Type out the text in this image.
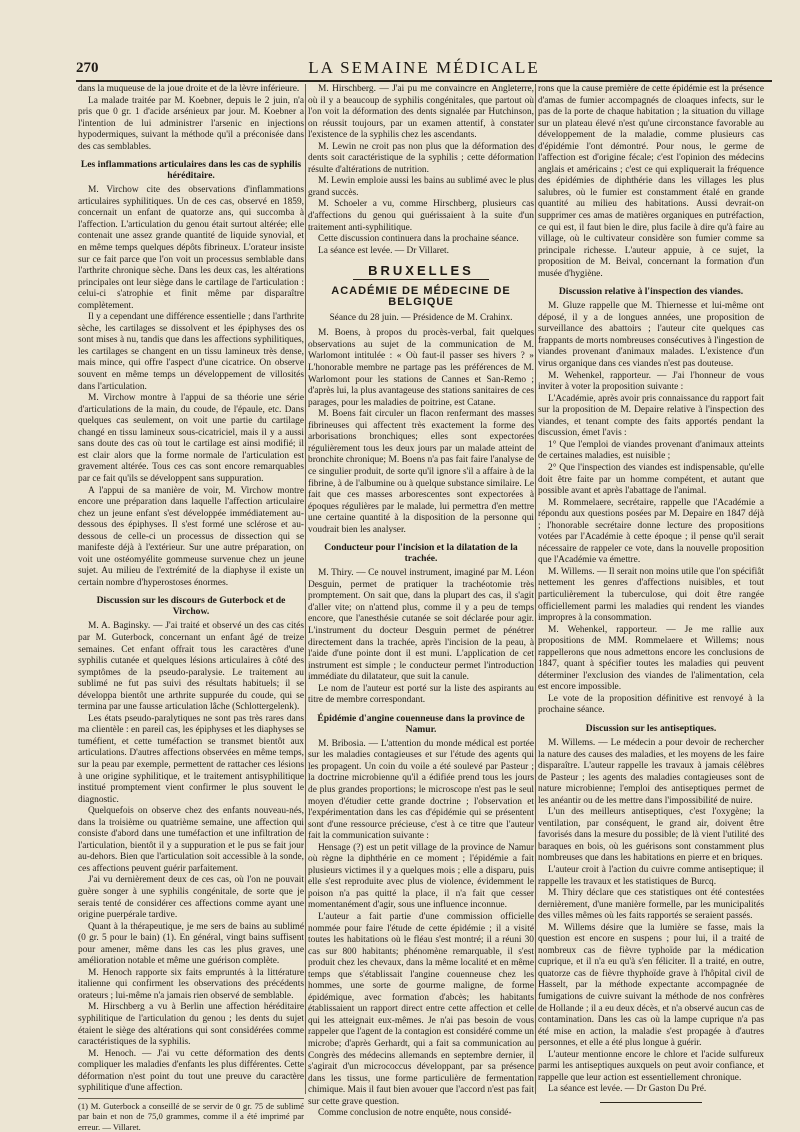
270	LA SEMAINE MÉDICALE

dans la muqueuse de la joue droite et de la lèvre inférieure.

La malade traitée par M. Koebner, depuis le 2 juin, n'a pris que 0 gr. 1 d'acide arsénieux par jour. M. Koebner a l'intention de lui administrer l'arsenic en injections hypodermiques, suivant la méthode qu'il a préconisée dans des cas semblables.

Les inflammations articulaires dans les cas de syphilis héréditaire.

M. Virchow cite des observations d'inflammations articulaires syphilitiques. Un de ces cas, observé en 1859, concernait un enfant de quatorze ans, qui succomba à l'affection. L'articulation du genou était surtout altérée; elle contenait une assez grande quantité de liquide synovial, et en même temps quelques dépôts fibrineux. L'orateur insiste sur ce fait parce que l'on voit un processus semblable dans l'arthrite chronique sèche. Dans les deux cas, les altérations principales ont leur siège dans le cartilage de l'articulation : celui-ci s'atrophie et finit même par disparaître complètement.

Il y a cependant une différence essentielle ; dans l'arthrite sèche, les cartilages se dissolvent et les épiphyses des os sont mises à nu, tandis que dans les affections syphilitiques, les cartilages se changent en un tissu lamineux très dense, mais mince, qui offre l'aspect d'une cicatrice. On observe souvent en même temps un développement de villosités dans l'articulation.

M. Virchow montre à l'appui de sa théorie une série d'articulations de la main, du coude, de l'épaule, etc. Dans quelques cas seulement, on voit une partie du cartilage changé en tissu lamineux sous-cicatriciel, mais il y a aussi sans doute des cas où tout le cartilage est ainsi modifié; il est clair alors que la forme normale de l'articulation est gravement altérée. Tous ces cas sont encore remarquables par ce fait qu'ils se développent sans suppuration.

A l'appui de sa manière de voir, M. Virchow montre encore une préparation dans laquelle l'affection articulaire chez un jeune enfant s'est développée immédiatement au-dessous des épiphyses. Il s'est formé une sclérose et au-dessous de celle-ci un processus de dissection qui se manifeste déjà à l'extérieur. Sur une autre préparation, on voit une ostéomyélite gommeuse survenue chez un jeune sujet. Au milieu de l'extrémité de la diaphyse il existe un certain nombre d'hyperostoses énormes.

Discussion sur les discours de Guterbock et de Virchow.

M. A. Baginsky. — J'ai traité et observé un des cas cités par M. Guterbock, concernant un enfant âgé de treize semaines. Cet enfant offrait tous les caractères d'une syphilis cutanée et quelques lésions articulaires à côté des symptômes de la pseudo-paralysie. Le traitement au sublimé ne fut pas suivi des résultats habituels; il se développa bientôt une arthrite suppurée du coude, qui se termina par une fausse articulation lâche (Schlottergelenk).

Les états pseudo-paralytiques ne sont pas très rares dans ma clientèle : en pareil cas, les épiphyses et les diaphyses se tuméfient, et cette tuméfaction se transmet bientôt aux articulations. D'autres affections observées en même temps, sur la peau par exemple, permettent de rattacher ces lésions à une origine syphilitique, et le traitement antisyphilitique institué promptement vient confirmer le plus souvent le diagnostic.

Quelquefois on observe chez des enfants nouveau-nés, dans la troisième ou quatrième semaine, une affection qui consiste d'abord dans une tuméfaction et une infiltration de l'articulation, bientôt il y a suppuration et le pus se fait jour au-dehors. Bien que l'articulation soit accessible à la sonde, ces affections peuvent guérir parfaitement.

J'ai vu dernièrement deux de ces cas, où l'on ne pouvait guère songer à une syphilis congénitale, de sorte que je serais tenté de considérer ces affections comme ayant une origine puerpérale tardive.

Quant à la thérapeutique, je me sers de bains au sublimé (0 gr. 5 pour le bain) (1). En général, vingt bains suffisent pour amener, même dans les cas les plus graves, une amélioration notable et même une guérison complète.

M. Henoch rapporte six faits empruntés à la littérature italienne qui confirment les observations des précédents orateurs ; lui-même n'a jamais rien observé de semblable.

M. Hirschberg a vu à Berlin une affection héréditaire syphilitique de l'articulation du genou ; les dents du sujet étaient le siège des altérations qui sont considérées comme caractéristiques de la syphilis.

M. Henoch. — J'ai vu cette déformation des dents compliquer les maladies d'enfants les plus différentes. Cette déformation n'est point du tout une preuve du caractère syphilitique d'une affection.

(1) M. Guterbock a conseillé de se servir de 0 gr. 75 de sublimé par bain et non de 75,0 grammes, comme il a été imprimé par erreur. — Villaret.

M. Hirschberg. — J'ai pu me convaincre en Angleterre, où il y a beaucoup de syphilis congénitales, que partout où l'on voit la déformation des dents signalée par Hutchinson, on réussit toujours, par un examen attentif, à constater l'existence de la syphilis chez les ascendants.

M. Lewin ne croit pas non plus que la déformation des dents soit caractéristique de la syphilis ; cette déformation résulte d'altérations de nutrition.

M. Lewin emploie aussi les bains au sublimé avec le plus grand succès.

M. Schoeler a vu, comme Hirschberg, plusieurs cas d'affections du genou qui guérissaient à la suite d'un traitement anti-syphilitique.

Cette discussion continuera dans la prochaine séance.

La séance est levée. — Dr Villaret.

BRUXELLES
ACADÉMIE DE MÉDECINE DE BELGIQUE
Séance du 28 juin. — Présidence de M. Crahinx.

M. Boens, à propos du procès-verbal, fait quelques observations au sujet de la communication de M. Warlomont intitulée : « Où faut-il passer ses hivers ? » L'honorable membre ne partage pas les préférences de M. Warlomont pour les stations de Cannes et San-Remo ; d'après lui, la plus avantageuse des stations sanitaires de ces parages, pour les maladies de poitrine, est Catane.

M. Boens fait circuler un flacon renfermant des masses fibrineuses qui affectent très exactement la forme des arborisations bronchiques; elles sont expectorées régulièrement tous les deux jours par un malade atteint de bronchite chronique; M. Boens n'a pas fait faire l'analyse de ce singulier produit, de sorte qu'il ignore s'il a affaire à de la fibrine, à de l'albumine ou à quelque substance similaire. Le fait que ces masses arborescentes sont expectorées à époques régulières par le malade, lui permettra d'en mettre une certaine quantité à la disposition de la personne qui voudrait bien les analyser.

Conducteur pour l'incision et la dilatation de la trachée.

M. Thiry. — Ce nouvel instrument, imaginé par M. Léon Desguin, permet de pratiquer la trachéotomie très promptement. On sait que, dans la plupart des cas, il s'agit d'aller vite; on n'attend plus, comme il y a peu de temps encore, que l'anesthésie cutanée se soit déclarée pour agir. L'instrument du docteur Desguin permet de pénétrer directement dans la trachée, après l'incision de la peau, à l'aide d'une pointe dont il est muni. L'application de cet instrument est simple ; le conducteur permet l'introduction immédiate du dilatateur, que suit la canule.

Le nom de l'auteur est porté sur la liste des aspirants au titre de membre correspondant.

Épidémie d'angine couenneuse dans la province de Namur.

M. Bribosia. — L'attention du monde médical est portée sur les maladies contagieuses et sur l'étude des agents qui les propagent. Un coin du voile a été soulevé par Pasteur ; la doctrine microbienne qu'il a édifiée prend tous les jours de plus grandes proportions; le microscope n'est pas le seul moyen d'étudier cette grande doctrine ; l'observation et l'expérimentation dans les cas d'épidémie qui se présentent sont d'une ressource précieuse, c'est à ce titre que l'auteur fait la communication suivante :

Hensage (?) est un petit village de la province de Namur où règne la diphthérie en ce moment ; l'épidémie a fait plusieurs victimes il y a quelques mois ; elle a disparu, puis elle s'est reproduite avec plus de violence, évidemment le poison n'a pas quitté la place, il n'a fait que cesser momentanément d'agir, sous une influence inconnue.

L'auteur a fait partie d'une commission officielle nommée pour faire l'étude de cette épidémie ; il a visité toutes les habitations où le fléau s'est montré; il a réuni 30 cas sur 800 habitants; phénomène remarquable, il s'est produit chez les chevaux, dans la même localité et en même temps que s'établissait l'angine couenneuse chez les hommes, une sorte de gourme maligne, de forme épidémique, avec formation d'abcès; les habitants établissaient un rapport direct entre cette affection et celle qui les atteignait eux-mêmes. Je n'ai pas besoin de vous rappeler que l'agent de la contagion est considéré comme un microbe; d'après Gerhardt, qui a fait sa communication au Congrès des médecins allemands en septembre dernier, il s'agirait d'un micrococcus développant, par sa présence dans les tissus, une forme particulière de fermentation chimique. Mais il faut bien avouer que l'accord n'est pas fait sur cette grave question.

Comme conclusion de notre enquête, nous considé-

rons que la cause première de cette épidémie est la présence d'amas de fumier accompagnés de cloaques infects, sur le pas de la porte de chaque habitation ; la situation du village sur un plateau élevé n'est qu'une circonstance favorable au développement de la maladie, comme plusieurs cas d'épidémie l'ont démontré. Pour nous, le germe de l'affection est d'origine fécale; c'est l'opinion des médecins anglais et américains ; c'est ce qui expliquerait la fréquence des épidémies de diphthérie dans les villages les plus salubres, où le fumier est constamment étalé en grande quantité au milieu des habitations. Aussi devrait-on supprimer ces amas de matières organiques en putréfaction, ce qui est, il faut bien le dire, plus facile à dire qu'à faire au village, où le cultivateur considère son fumier comme sa principale richesse. L'auteur appuie, à ce sujet, la proposition de M. Beival, concernant la formation d'un musée d'hygiène.

Discussion relative à l'inspection des viandes.

M. Gluze rappelle que M. Thiernesse et lui-même ont déposé, il y a de longues années, une proposition de surveillance des abattoirs ; l'auteur cite quelques cas frappants de morts nombreuses consécutives à l'ingestion de viandes provenant d'animaux malades. L'existence d'un virus organique dans ces viandes n'est pas douteuse.

M. Wehenkel, rapporteur. — J'ai l'honneur de vous inviter à voter la proposition suivante :

L'Académie, après avoir pris connaissance du rapport fait sur la proposition de M. Depaire relative à l'inspection des viandes, et tenant compte des faits apportés pendant la discussion, émet l'avis :

1° Que l'emploi de viandes provenant d'animaux atteints de certaines maladies, est nuisible ;

2° Que l'inspection des viandes est indispensable, qu'elle doit être faite par un homme compétent, et autant que possible avant et après l'abattage de l'animal.

M. Rommelaere, secrétaire, rappelle que l'Académie a répondu aux questions posées par M. Depaire en 1847 déjà ; l'honorable secrétaire donne lecture des propositions votées par l'Académie à cette époque ; il pense qu'il serait nécessaire de rappeler ce vote, dans la nouvelle proposition que l'Académie va émettre.

M. Willems. — Il serait non moins utile que l'on spécifiât nettement les genres d'affections nuisibles, et tout particulièrement la tuberculose, qui doit être rangée officiellement parmi les maladies qui rendent les viandes impropres à la consommation.

M. Wehenkel, rapporteur. — Je me rallie aux propositions de MM. Rommelaere et Willems; nous rappellerons que nous admettons encore les conclusions de 1847, quant à spécifier toutes les maladies qui peuvent déterminer l'exclusion des viandes de l'alimentation, cela est encore impossible.

Le vote de la proposition définitive est renvoyé à la prochaine séance.

Discussion sur les antiseptiques.

M. Willems. — Le médecin a pour devoir de rechercher la nature des causes des maladies, et les moyens de les faire disparaître. L'auteur rappelle les travaux à jamais célèbres de Pasteur ; les agents des maladies contagieuses sont de nature microbienne; l'emploi des antiseptiques permet de les anéantir ou de les mettre dans l'impossibilité de nuire.

L'un des meilleurs antiseptiques, c'est l'oxygène; la ventilation, par conséquent, le grand air, doivent être favorisés dans la mesure du possible; de là vient l'utilité des baraques en bois, où les guérisons sont constamment plus nombreuses que dans les habitations en pierre et en briques.

L'auteur croit à l'action du cuivre comme antiseptique; il rappelle les travaux et les statistiques de Burcq.

M. Thiry déclare que ces statistiques ont été contestées dernièrement, d'une manière formelle, par les municipalités des villes mêmes où les faits rapportés se seraient passés.

M. Willems désire que la lumière se fasse, mais la question est encore en suspens ; pour lui, il a traité de nombreux cas de fièvre typhoïde par la médication cuprique, et il n'a eu qu'à s'en féliciter. Il a traité, en outre, quatorze cas de fièvre thyphoïde grave à l'hôpital civil de Hasselt, par la méthode expectante accompagnée de fumigations de cuivre suivant la méthode de nos confrères de Hollande ; il a eu deux décès, et n'a observé aucun cas de contamination. Dans les cas où la lampe cuprique n'a pas été mise en action, la maladie s'est propagée à d'autres personnes, et elle a été plus longue à guérir.

L'auteur mentionne encore le chlore et l'acide sulfureux parmi les antiseptiques auxquels on peut avoir confiance, et rappelle que leur action est essentiellement chronique.

La séance est levée. — Dr Gaston Du Pré.
